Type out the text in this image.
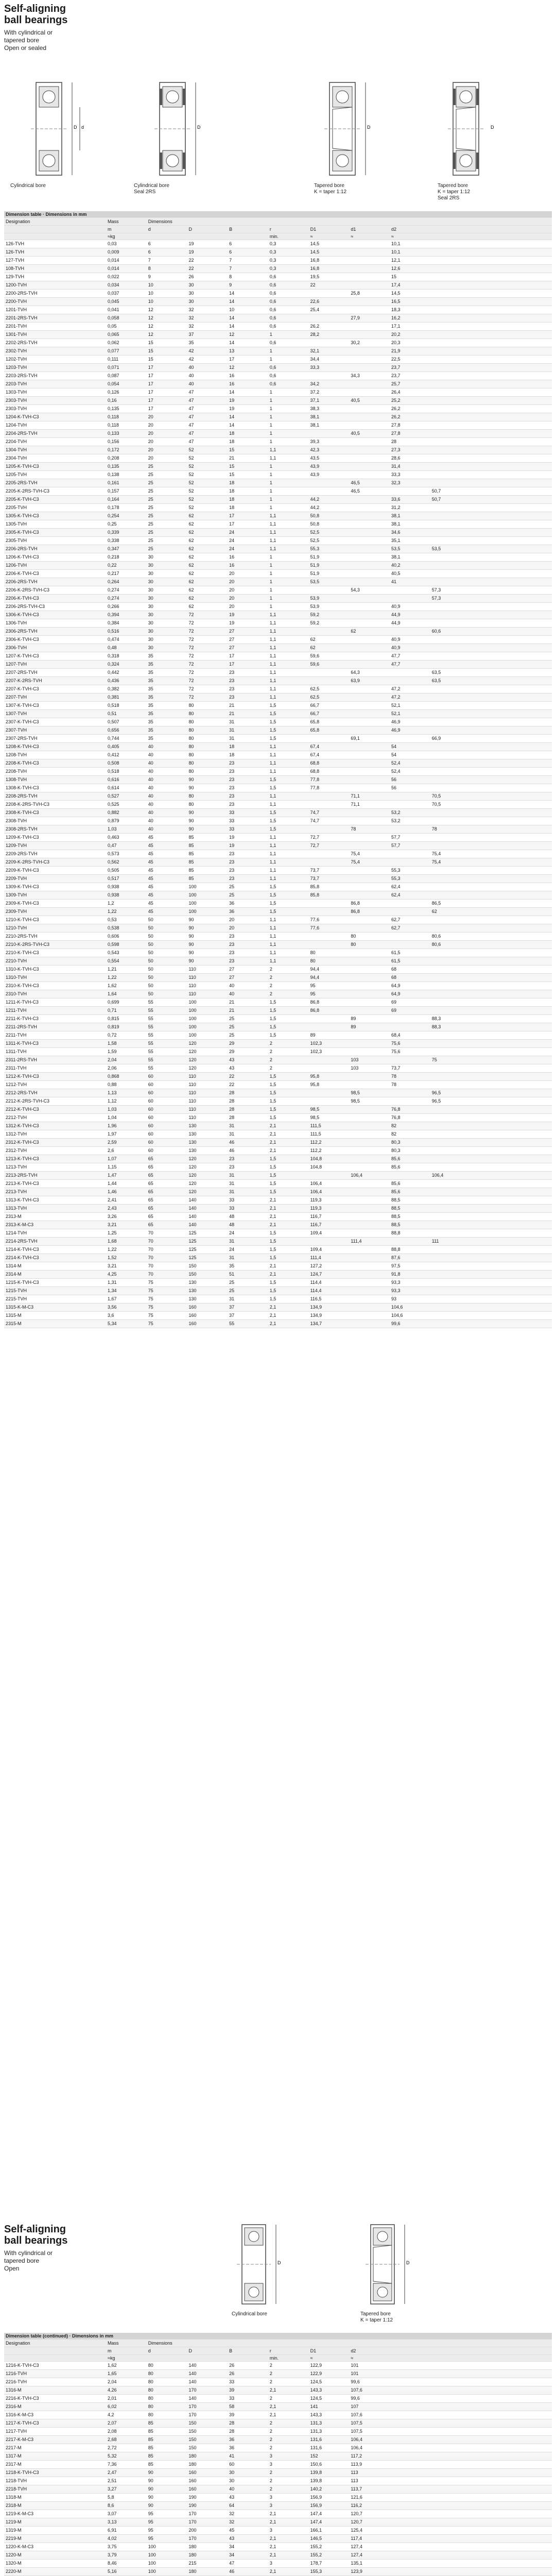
Self-aligning
ball bearings
With cylindrical or
tapered bore
Open or sealed
D d	D	D	D
Cylindrical bore	Cylindrical bore
Seal 2RS
Tapered bore
K = taper 1:12
Tapered bore
K = taper 1:12
Seal 2RS
Dimension table · Dimensions in mm											
Designation	Mass	Dimensions									
	m	d	D	B	r	D1	d1	d2			
	≈kg				min.	≈	≈	≈			
126-TVH	0,03	6	19	6	0,3	14,5		10,1			
126-TVH	0,009	6	19	6	0,3	14,5		10,1			
127-TVH	0,014	7	22	7	0,3	16,8		12,1			
108-TVH	0,014	8	22	7	0,3	16,8		12,6			
129-TVH	0,022	9	26	8	0,6	19,5		15			
1200-TVH	0,034	10	30	9	0,6	22		17,4			
2200-2RS-TVH	0,037	10	30	14	0,6		25,8	14,5			
2200-TVH	0,045	10	30	14	0,6	22,6		16,5			
1201-TVH	0,041	12	32	10	0,6	25,4		18,3			
2201-2RS-TVH	0,058	12	32	14	0,6		27,9	16,2			
2201-TVH	0,05	12	32	14	0,6	26,2		17,1			
1301-TVH	0,065	12	37	12	1	28,2		20,2			
2202-2RS-TVH	0,062	15	35	14	0,6		30,2	20,3			
2302-TVH	0,077	15	42	13	1	32,1		21,9			
1202-TVH	0,111	15	42	17	1	34,4		22,5			
1203-TVH	0,071	17	40	12	0,6	33,3		23,7			
2203-2RS-TVH	0,087	17	40	16	0,6		34,3	23,7			
2203-TVH	0,054	17	40	16	0,6	34,2		25,7			
1303-TVH	0,126	17	47	14	1	37,2		26,4			
2303-TVH	0,16	17	47	19	1	37,1	40,5	25,2			
2303-TVH	0,135	17	47	19	1	38,3		26,2			
1204-K-TVH-C3	0,118	20	47	14	1	38,1		26,2			
1204-TVH	0,118	20	47	14	1	38,1		27,8			
2204-2RS-TVH	0,133	20	47	18	1		40,5	27,8			
2204-TVH	0,156	20	47	18	1	39,3		28			
1304-TVH	0,172	20	52	15	1,1	42,3		27,3			
2304-TVH	0,208	20	52	21	1,1	43,5		28,6			
1205-K-TVH-C3	0,135	25	52	15	1	43,9		31,4			
1205-TVH	0,138	25	52	15	1	43,9		33,3			
2205-2RS-TVH	0,161	25	52	18	1		46,5	32,3			
2205-K-2RS-TVH-C3	0,157	25	52	18	1		46,5		50,7		
2205-K-TVH-C3	0,164	25	52	18	1	44,2		33,6	50,7		
2205-TVH	0,178	25	52	18	1	44,2		31,2			
1305-K-TVH-C3	0,254	25	62	17	1,1	50,8		38,1			
1305-TVH	0,25	25	62	17	1,1	50,8		38,1			
2305-K-TVH-C3	0,339	25	62	24	1,1	52,5		34,6			
2305-TVH	0,338	25	62	24	1,1	52,5		35,1			
2206-2RS-TVH	0,347	25	62	24	1,1	55,3		53,5	53,5		
1206-K-TVH-C3	0,218	30	62	16	1	51,9		38,1			
1206-TVH	0,22	30	62	16	1	51,9		40,2			
2206-K-TVH-C3	0,217	30	62	20	1	51,9		40,5			
2206-2RS-TVH	0,264	30	62	20	1	53,5		41			
2206-K-2RS-TVH-C3	0,274	30	62	20	1		54,3		57,3		
2206-K-TVH-C3	0,274	30	62	20	1	53,9			57,3		
2206-2RS-TVH-C3	0,266	30	62	20	1	53,9		40,9			
1306-K-TVH-C3	0,394	30	72	19	1,1	59,2		44,9			
1306-TVH	0,384	30	72	19	1,1	59,2		44,9			
2306-2RS-TVH	0,516	30	72	27	1,1		62		60,6		
2306-K-TVH-C3	0,474	30	72	27	1,1	62		40,9			
2306-TVH	0,48	30	72	27	1,1	62		40,9			
1207-K-TVH-C3	0,318	35	72	17	1,1	59,6		47,7			
1207-TVH	0,324	35	72	17	1,1	59,6		47,7			
2207-2RS-TVH	0,442	35	72	23	1,1		64,3		63,5		
2207-K-2RS-TVH	0,436	35	72	23	1,1		63,9		63,5		
2207-K-TVH-C3	0,382	35	72	23	1,1	62,5		47,2			
2207-TVH	0,381	35	72	23	1,1	62,5		47,2			
1307-K-TVH-C3	0,518	35	80	21	1,5	66,7		52,1			
1307-TVH	0,51	35	80	21	1,5	66,7		52,1			
2307-K-TVH-C3	0,507	35	80	31	1,5	65,8		46,9			
2307-TVH	0,656	35	80	31	1,5	65,8		46,9			
2307-2RS-TVH	0,744	35	80	31	1,5		69,1		66,9		
1208-K-TVH-C3	0,405	40	80	18	1,1	67,4		54			
1208-TVH	0,412	40	80	18	1,1	67,4		54			
2208-K-TVH-C3	0,508	40	80	23	1,1	68,8		52,4			
2208-TVH	0,518	40	80	23	1,1	68,8		52,4			
1308-TVH	0,616	40	90	23	1,5	77,8		56			
1308-K-TVH-C3	0,614	40	90	23	1,5	77,8		56			
2208-2RS-TVH	0,527	40	80	23	1,1		71,1		70,5		
2208-K-2RS-TVH-C3	0,525	40	80	23	1,1		71,1		70,5		
2308-K-TVH-C3	0,882	40	90	33	1,5	74,7		53,2			
2308-TVH	0,879	40	90	33	1,5	74,7		53,2			
2308-2RS-TVH	1,03	40	90	33	1,5		78		78		
1209-K-TVH-C3	0,463	45	85	19	1,1	72,7		57,7			
1209-TVH	0,47	45	85	19	1,1	72,7		57,7			
2209-2RS-TVH	0,573	45	85	23	1,1		75,4		75,4		
2209-K-2RS-TVH-C3	0,562	45	85	23	1,1		75,4		75,4		
2209-K-TVH-C3	0,505	45	85	23	1,1	73,7		55,3			
2209-TVH	0,517	45	85	23	1,1	73,7		55,3			
1309-K-TVH-C3	0,938	45	100	25	1,5	85,8		62,4			
1309-TVH	0,938	45	100	25	1,5	85,8		62,4			
2309-K-TVH-C3	1,2	45	100	36	1,5		86,8		86,5		
2309-TVH	1,22	45	100	36	1,5		86,8		62		
1210-K-TVH-C3	0,53	50	90	20	1,1	77,6		62,7			
1210-TVH	0,538	50	90	20	1,1	77,6		62,7			
2210-2RS-TVH	0,606	50	90	23	1,1		80		80,6		
2210-K-2RS-TVH-C3	0,598	50	90	23	1,1		80		80,6		
2210-K-TVH-C3	0,543	50	90	23	1,1	80		61,5			
2210-TVH	0,554	50	90	23	1,1	80		61,5			
1310-K-TVH-C3	1,21	50	110	27	2	94,4		68			
1310-TVH	1,22	50	110	27	2	94,4		68			
2310-K-TVH-C3	1,62	50	110	40	2	95		64,9			
2310-TVH	1,64	50	110	40	2	95		64,9			
1211-K-TVH-C3	0,699	55	100	21	1,5	86,8		69			
1211-TVH	0,71	55	100	21	1,5	86,8		69			
2211-K-TVH-C3	0,815	55	100	25	1,5		89		88,3		
2211-2RS-TVH	0,819	55	100	25	1,5		89		88,3		
2211-TVH	0,72	55	100	25	1,5	89		68,4			
1311-K-TVH-C3	1,58	55	120	29	2	102,3		75,6			
1311-TVH	1,59	55	120	29	2	102,3		75,6			
2311-2RS-TVH	2,04	55	120	43	2		103		75		
2311-TVH	2,06	55	120	43	2		103	73,7			
1212-K-TVH-C3	0,868	60	110	22	1,5	95,8		78			
1212-TVH	0,88	60	110	22	1,5	95,8		78			
2212-2RS-TVH	1,13	60	110	28	1,5		98,5		96,5		
2212-K-2RS-TVH-C3	1,12	60	110	28	1,5		98,5		96,5		
2212-K-TVH-C3	1,03	60	110	28	1,5	98,5		76,8			
2212-TVH	1,04	60	110	28	1,5	98,5		76,8			
1312-K-TVH-C3	1,96	60	130	31	2,1	111,5		82			
1312-TVH	1,97	60	130	31	2,1	111,5		82			
2312-K-TVH-C3	2,59	60	130	46	2,1	112,2		80,3			
2312-TVH	2,6	60	130	46	2,1	112,2		80,3			
1213-K-TVH-C3	1,07	65	120	23	1,5	104,8		85,6			
1213-TVH	1,15	65	120	23	1,5	104,8		85,6			
2213-2RS-TVH	1,47	65	120	31	1,5		106,4		106,4		
2213-K-TVH-C3	1,44	65	120	31	1,5	106,4		85,6			
2213-TVH	1,46	65	120	31	1,5	106,4		85,6			
1313-K-TVH-C3	2,41	65	140	33	2,1	119,3		88,5			
1313-TVH	2,43	65	140	33	2,1	119,3		88,5			
2313-M	3,26	65	140	48	2,1	116,7		88,5			
2313-K-M-C3	3,21	65	140	48	2,1	116,7		88,5			
1214-TVH	1,25	70	125	24	1,5	109,4		88,8			
2214-2RS-TVH	1,68	70	125	31	1,5		111,4		111		
1214-K-TVH-C3	1,22	70	125	24	1,5	109,4		88,8			
2214-K-TVH-C3	1,52	70	125	31	1,5	111,4		87,6			
1314-M	3,21	70	150	35	2,1	127,2		97,5			
2314-M	4,25	70	150	51	2,1	124,7		91,8			
1215-K-TVH-C3	1,31	75	130	25	1,5	114,4		93,3			
1215-TVH	1,34	75	130	25	1,5	114,4		93,3			
2215-TVH	1,67	75	130	31	1,5	116,5		93			
1315-K-M-C3	3,56	75	160	37	2,1	134,9		104,6			
1315-M	3,6	75	160	37	2,1	134,9		104,6			
2315-M	5,34	75	160	55	2,1	134,7		99,6			
Self-aligning
ball bearings
With cylindrical or
tapered bore
Open
D	D
Cylindrical bore	Tapered bore
K = taper 1:12
Dimension table (continued) · Dimensions in mm											
Designation	Mass	Dimensions									
	m	d	D	B	r	D1	d2				
	≈kg				min.	≈	≈				
1216-K-TVH-C3	1,62	80	140	26	2	122,9	101				
1216-TVH	1,65	80	140	26	2	122,9	101				
2216-TVH	2,04	80	140	33	2	124,5	99,6				
1316-M	4,26	80	170	39	2,1	143,3	107,6				
2216-K-TVH-C3	2,01	80	140	33	2	124,5	99,6				
2316-M	6,02	80	170	58	2,1	141	107				
1316-K-M-C3	4,2	80	170	39	2,1	143,3	107,6				
1217-K-TVH-C3	2,07	85	150	28	2	131,3	107,5				
1217-TVH	2,08	85	150	28	2	131,3	107,5				
2217-K-M-C3	2,68	85	150	36	2	131,6	106,4				
2217-M	2,72	85	150	36	2	131,6	106,4				
1317-M	5,32	85	180	41	3	152	117,2				
2317-M	7,36	85	180	60	3	150,6	113,9				
1218-K-TVH-C3	2,47	90	160	30	2	139,8	113				
1218-TVH	2,51	90	160	30	2	139,8	113				
2218-TVH	3,27	90	160	40	2	140,2	113,7				
1318-M	5,8	90	190	43	3	156,9	121,6				
2318-M	8,6	90	190	64	3	156,9	116,2				
1219-K-M-C3	3,07	95	170	32	2,1	147,4	120,7				
1219-M	3,13	95	170	32	2,1	147,4	120,7				
1319-M	6,91	95	200	45	3	166,1	125,4				
2219-M	4,02	95	170	43	2,1	146,5	117,4				
1220-K-M-C3	3,75	100	180	34	2,1	155,2	127,4				
1220-M	3,79	100	180	34	2,1	155,2	127,4				
1320-M	8,46	100	215	47	3	178,7	135,1				
2220-M	5,16	100	180	46	2,1	155,3	123,9				
